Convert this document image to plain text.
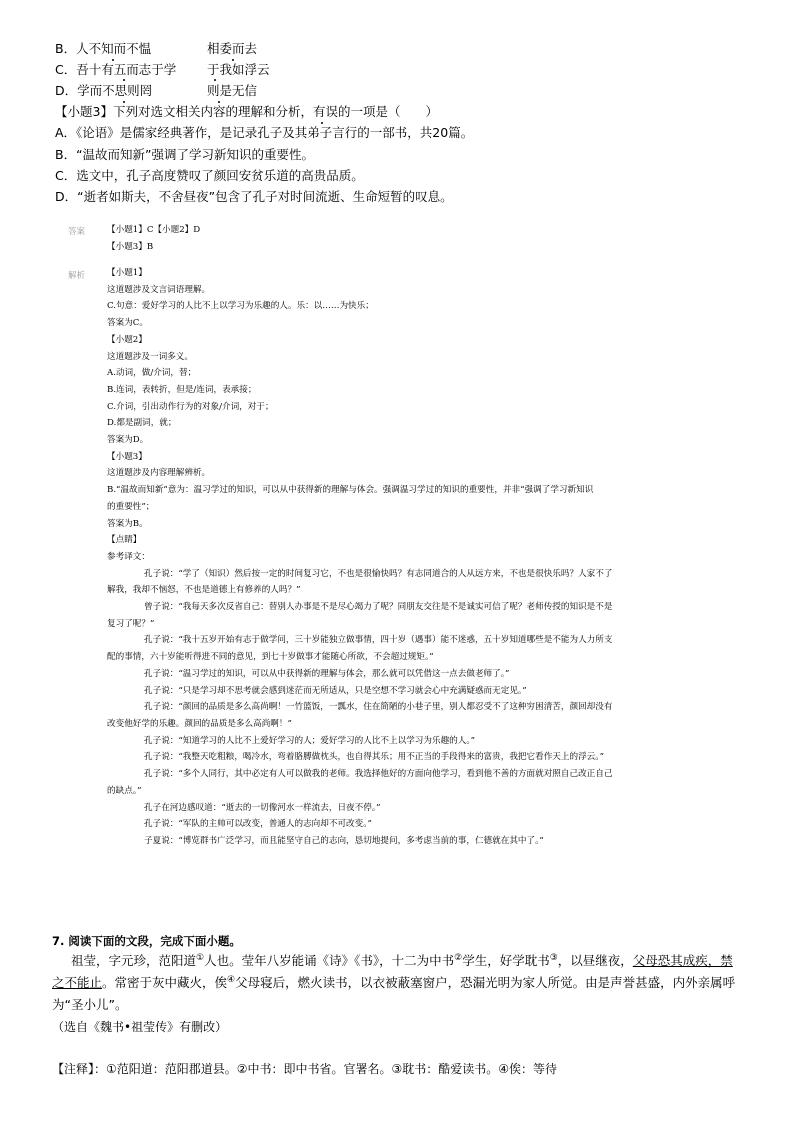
B．人不知而不愠	相委而去
C．吾十有五而志于学 于我如浮云
D．学而不思则罔	则是无信
【小题3】下列对选文相关内容的理解和分析，有误的一项是（　　）
A．《论语》是儒家经典著作，是记录孔子及其弟子言行的一部书，共20篇。
B．“温故而知新”强调了学习新知识的重要性。
C．选文中，孔子高度赞叹了颜回安贫乐道的高贵品质。
D．“逝者如斯夫，不舍昼夜”包含了孔子对时间流逝、生命短暂的叹息。
答案	【小题1】C【小题2】D
【小题3】B
解析	【小题1】
这道题涉及文言词语理解。
C.句意：爱好学习的人比不上以学习为乐趣的人。乐：以……为快乐；
答案为C。
【小题2】
这道题涉及一词多义。
A.动词，做/介词，替；
B.连词，表转折，但是/连词，表承接；
C.介词，引出动作行为的对象/介词，对于；
D.都是副词，就；
答案为D。
【小题3】
这道题涉及内容理解辨析。
B.“温故而知新”意为：温习学过的知识，可以从中获得新的理解与体会。强调温习学过的知识的重要性，并非“强调了学习新知识
的重要性”；
答案为B。
【点睛】
参考译文：
孔子说：“学了（知识）然后按一定的时间复习它，不也是很愉快吗？有志同道合的人从远方来，不也是很快乐吗？人家不了
解我，我却不恼怒，不也是道德上有修养的人吗？”
曾子说：“我每天多次反省自己：替别人办事是不是尽心竭力了呢？同朋友交往是不是诚实可信了呢？老师传授的知识是不是
复习了呢？”
孔子说：“我十五岁开始有志于做学问，三十岁能独立做事情，四十岁（遇事）能不迷惑，五十岁知道哪些是不能为人力所支
配的事情，六十岁能听得进不同的意见，到七十岁做事才能随心所欲，不会超过规矩。”
孔子说：“温习学过的知识，可以从中获得新的理解与体会，那么就可以凭借这一点去做老师了。”
孔子说：“只是学习却不思考就会感到迷茫而无所适从，只是空想不学习就会心中充满疑惑而无定见。”
孔子说：“颜回的品质是多么高尚啊！一竹篮饭，一瓢水，住在简陋的小巷子里，别人都忍受不了这种穷困清苦，颜回却没有
改变他好学的乐趣。颜回的品质是多么高尚啊！”
孔子说：“知道学习的人比不上爱好学习的人；爱好学习的人比不上以学习为乐趣的人。”
孔子说：“我整天吃粗粮，喝冷水，弯着胳膊做枕头，也自得其乐；用不正当的手段得来的富贵，我把它看作天上的浮云。”
孔子说：“多个人同行，其中必定有人可以做我的老师。我选择他好的方面向他学习，看到他不善的方面就对照自己改正自己
的缺点。”
孔子在河边感叹道：“逝去的一切像河水一样流去，日夜不停。”
孔子说：“军队的主帅可以改变，普通人的志向却不可改变。”
子夏说：“博览群书广泛学习，而且能坚守自己的志向，恳切地提问，多考虑当前的事，仁德就在其中了。”
7. 阅读下面的文段，完成下面小题。
祖莹，字元珍，范阳道①人也。莹年八岁能诵《诗》《书》，十二为中书②学生，好学耽书③，以昼继夜，父母恐其成疾，禁之不能止。常密于灰中藏火，俟④父母寝后，燃火读书，以衣被蔽塞窗户，恐漏光明为家人所觉。由是声誉甚盛，内外亲属呼为“圣小儿”。
（选自《魏书•祖莹传》有删改）
【注释】：①范阳道：范阳郡道县。②中书：即中书省。官署名。③耽书：酷爱读书。④俟：等待
